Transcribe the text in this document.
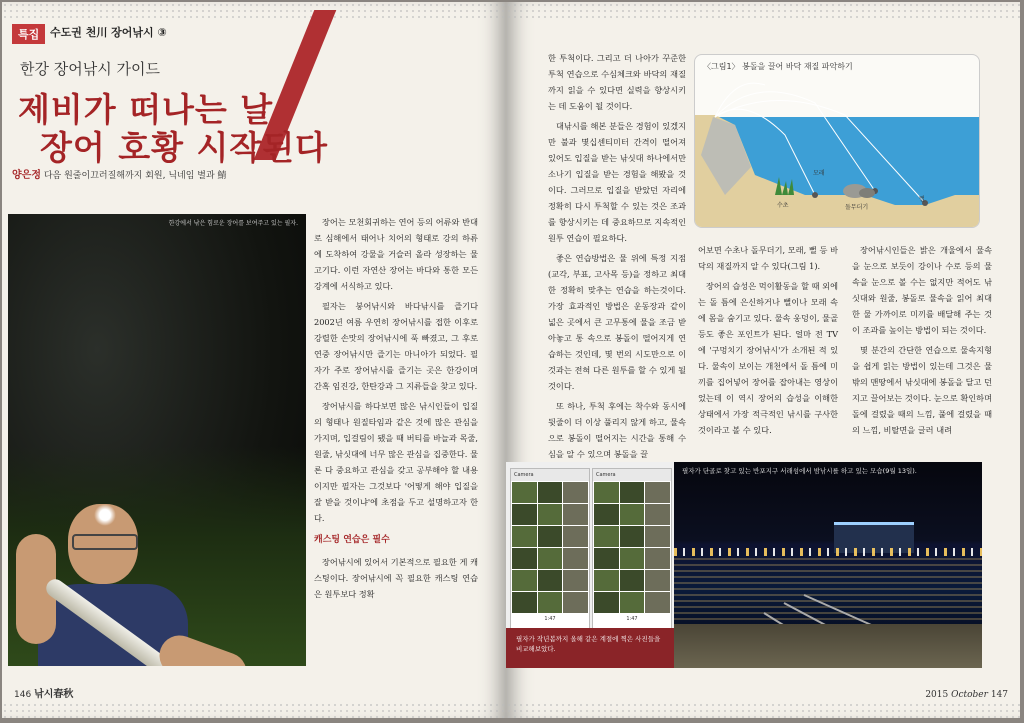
특집 수도권 천川 장어낚시 ③
한강 장어낚시 가이드
제비가 떠나는 날
장어 호황 시작된다
양은정 다음 원줄이끄러질해까지 회원, 닉네임 별과 鯖
한강에서 낚은 힘로운 장어를 보여주고 있는 필자.	장어는 모천회귀하는 연어 등의 어류와 반대로 심해에서 태어나 치어의 형태로 강의 하류에 도착하여 강물을 거슬러 올라 성장하는 물고기다. 이런 자연산 장어는 바다와 통한 모든 강계에 서식하고 있다.

필자는 붕어낚시와 바다낚시를 즐기다 2002년 여름 우연히 장어낚시를 접한 이후로 강렬한 손맛의 장어낚시에 푹 빠졌고, 그 후로 연중 장어낚시만 즐기는 마니아가 되었다. 필자가 주로 장어낚시를 즐기는 곳은 한강이며 간혹 임진강, 한탄강과 그 지류들을 찾고 있다.

장어낚시를 하다보면 많은 낚시인들이 입질의 형태나 원질타임과 같은 것에 많은 관심을 가지며, 입걸림이 됐을 때 버티를 바늘과 목줄, 원줄, 낚싯대에 너무 많은 관심을 집중한다. 물론 다 중요하고 관심을 갖고 공부해야 할 내용이지만 필자는 그것보다 '어떻게 해야 입질을 잘 받을 것이냐'에 초점을 두고 설명하고자 한다.

캐스팅 연습은 필수

장어낚시에 있어서 기본적으로 필요한 게 캐스팅이다. 장어낚시에 꼭 필요한 캐스팅 연습은 원투보다 정확

146 낚시春秋

한 투척이다. 그리고 더 나아가 꾸준한 투척 연습으로 수심체크와 바닥의 재질까지 읽을 수 있다면 실력을 향상시키는 데 도움이 될 것이다.

대낚시를 해본 분들은 경험이 있겠지만 불과 몇십센티미터 간격이 떨어져 있어도 입질을 받는 낚싯대 하나에서만 소나기 입질을 받는 경험을 해봤을 것이다. 그러므로 입질을 받았던 자리에 정확히 다시 투척할 수 있는 것은 조과를 향상시키는 데 중요하므로 지속적인 원투 연습이 필요하다.

좋은 연습방법은 물 위에 특정 지점(교각, 부표, 고사목 등)을 정하고 최대한 정확히 맞추는 연습을 하는것이다. 가장 효과적인 방법은 운동장과 같이 넓은 곳에서 큰 고무통에 물을 조금 받아놓고 통 속으로 봉돌이 떨어지게 연습하는 것인데, 몇 번의 시도만으로 이것과는 전혀 다른 원투를 할 수 있게 될 것이다.

또 하나, 투척 후에는 착수와 동시에 뒷줄이 더 이상 풀리지 않게 하고, 물속으로 봉돌이 떨어지는 시간을 통해 수심을 알 수 있으며 봉돌을 끌

〈그림1〉 봉돌을 끌어 바닥 재질 파악하기
모래
수초	돌무더기
뻘

어보면 수초나 돌무더기, 모래, 뻘 등 바닥의 재질까지 알 수 있다(그림 1).

장어의 습성은 먹이활동을 할 때 외에는 돌 틈에 은신하거나 뻘이나 모래 속에 몸을 숨기고 있다. 물속 웅덩이, 물골 등도 좋은 포인트가 된다. 얼마 전 TV에 '구멍치기 장어낚시'가 소개된 적 있다. 물속이 보이는 개천에서 돌 틈에 미끼를 집어넣어 장어를 잡아내는 영상이었는데 이 역시 장어의 습성을 이해한 상태에서 가장 적극적인 낚시를 구사한 것이라고 볼 수 있다.

장어낚시인들은 밝은 개울에서 물속을 눈으로 보듯이 강이나 수로 등의 물속을 눈으로 볼 수는 없지만 적어도 낚싯대와 원줄, 봉돌로 물속을 읽어 최대한 물 가까이로 미끼를 배달해 주는 것이 조과를 높이는 방법이 되는 것이다.

몇 분간의 간단한 연습으로 물속지형을 쉽게 읽는 방법이 있는데 그것은 물 밖의 맨땅에서 낚싯대에 봉돌을 달고 던지고 끌어보는 것이다. 눈으로 확인하며 돌에 걸렸을 때의 느낌, 풀에 걸렸을 때의 느낌, 비탈면을 글러 내려

Camera
1:47
Camera
1:47
필자가 작년봄까지 올해 같은 계절에 찍은 사진들을 비교해보았다.
필자가 단골로 찾고 있는 반포지구 서래섬에서 밤낚시를 하고 있는 모습(9월 13일).
2015 October 147
